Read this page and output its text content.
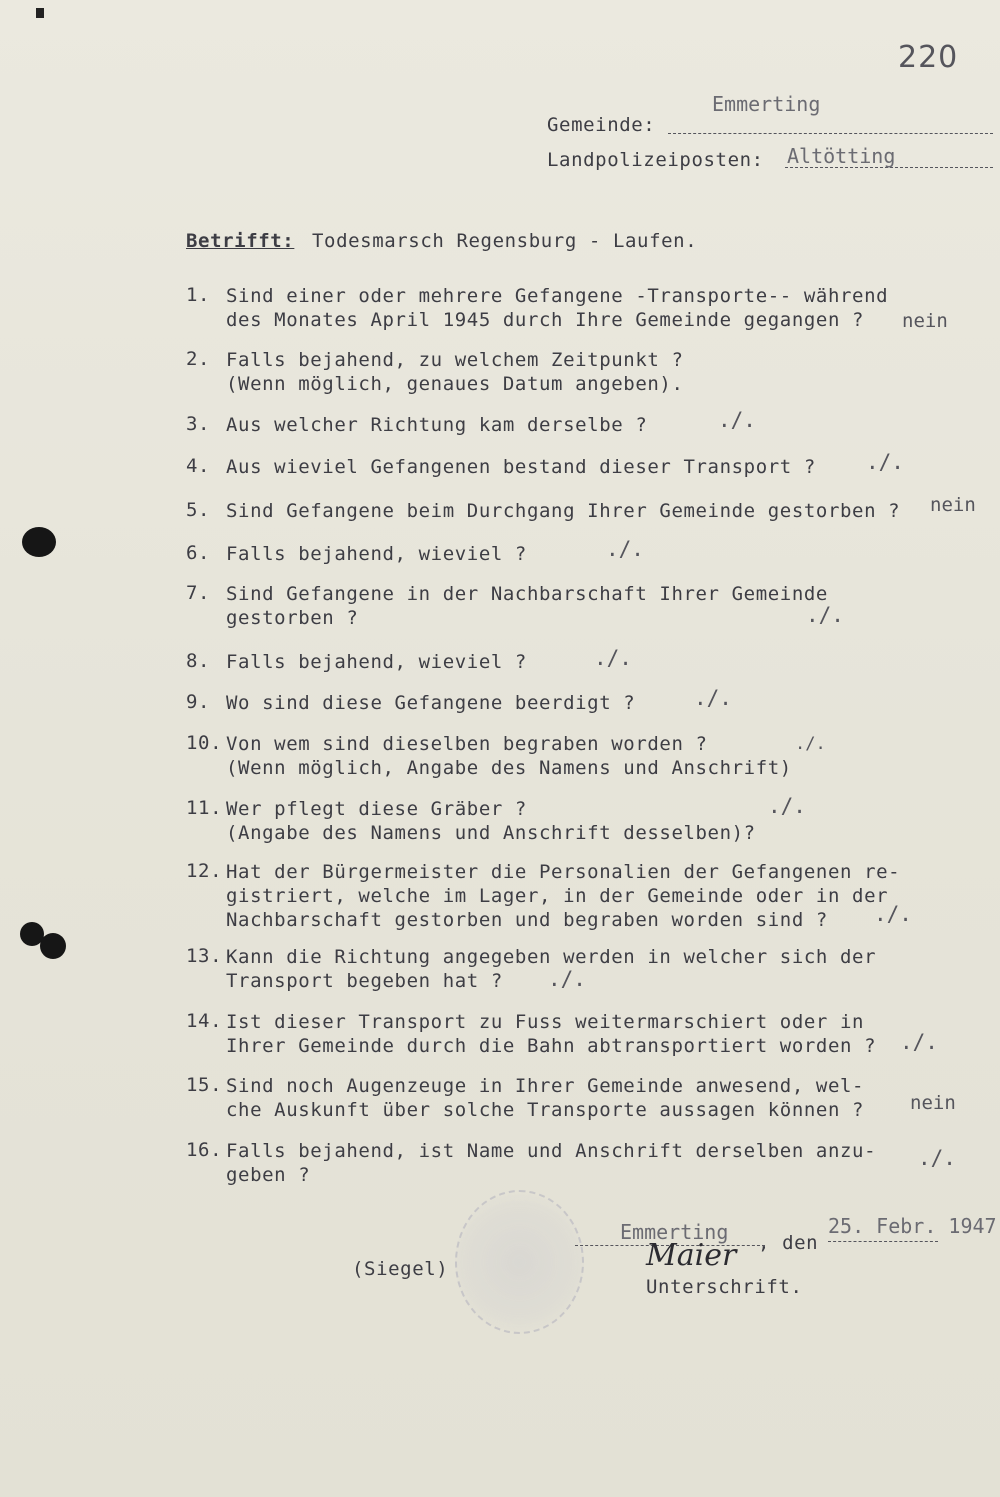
220
Gemeinde:
Emmerting
Landpolizeiposten: Altötting
Betrifft: Todesmarsch Regensburg - Laufen.
1. Sind einer oder mehrere Gefangene -Transporte-- während
des Monates April 1945 durch Ihre Gemeinde gegangen ?	nein
2. Falls bejahend, zu welchem Zeitpunkt ?
(Wenn möglich, genaues Datum angeben).
3. Aus welcher Richtung kam derselbe ?	./.
4. Aus wieviel Gefangenen bestand dieser Transport ? ./.
5. Sind Gefangene beim Durchgang Ihrer Gemeinde gestorben ? nein
6. Falls bejahend, wieviel ?	./.
7. Sind Gefangene in der Nachbarschaft Ihrer Gemeinde
gestorben ?	./.
8. Falls bejahend, wieviel ?	./.
9. Wo sind diese Gefangene beerdigt ?	./.
10. Von wem sind dieselben begraben worden ?
(Wenn möglich, Angabe des Namens und Anschrift)
./.
11. Wer pflegt diese Gräber ?
(Angabe des Namens und Anschrift desselben)?
./.
12. Hat der Bürgermeister die Personalien der Gefangenen re-
gistriert, welche im Lager, in der Gemeinde oder in der
Nachbarschaft gestorben und begraben worden sind ?	./.
13. Kann die Richtung angegeben werden in welcher sich der
Transport begeben hat ?	./.
14. Ist dieser Transport zu Fuss weitermarschiert oder in
Ihrer Gemeinde durch die Bahn abtransportiert worden ? ./.
15. Sind noch Augenzeuge in Ihrer Gemeinde anwesend, wel-
che Auskunft über solche Transporte aussagen können ? nein
16. Falls bejahend, ist Name und Anschrift derselben anzu-
geben ?
./.
Emmerting , den
25. Febr. 1947
(Siegel)	Maier
Unterschrift.
